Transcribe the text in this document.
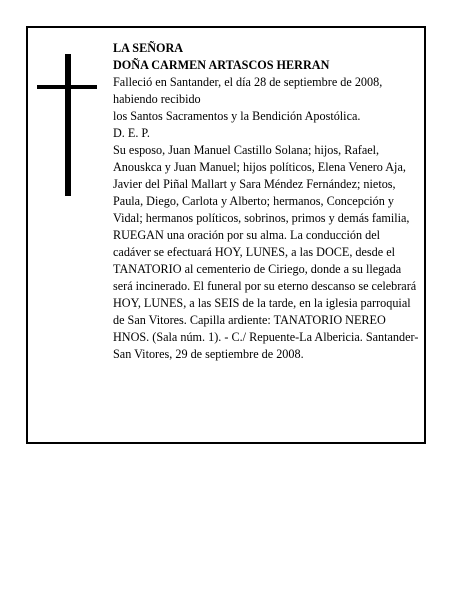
LA SEÑORA
DOÑA CARMEN ARTASCOS HERRAN
Falleció en Santander, el día 28 de septiembre de 2008, habiendo recibido
los Santos Sacramentos y la Bendición Apostólica.
D. E. P.
Su esposo, Juan Manuel Castillo Solana; hijos, Rafael, Anouskca y Juan Manuel; hijos políticos, Elena Venero Aja, Javier del Piñal Mallart y Sara Méndez Fernández; nietos, Paula, Diego, Carlota y Alberto; hermanos, Concepción y Vidal; hermanos políticos, sobrinos, primos y demás familia,
RUEGAN una oración por su alma. La conducción del cadáver se efectuará HOY, LUNES, a las DOCE, desde el TANATORIO al cementerio de Ciriego, donde a su llegada será incinerado. El funeral por su eterno descanso se celebrará HOY, LUNES, a las SEIS de la tarde, en la iglesia parroquial de San Vitores. Capilla ardiente: TANATORIO NEREO HNOS. (Sala núm. 1). - C./ Repuente-La Albericia. Santander-San Vitores, 29 de septiembre de 2008.
